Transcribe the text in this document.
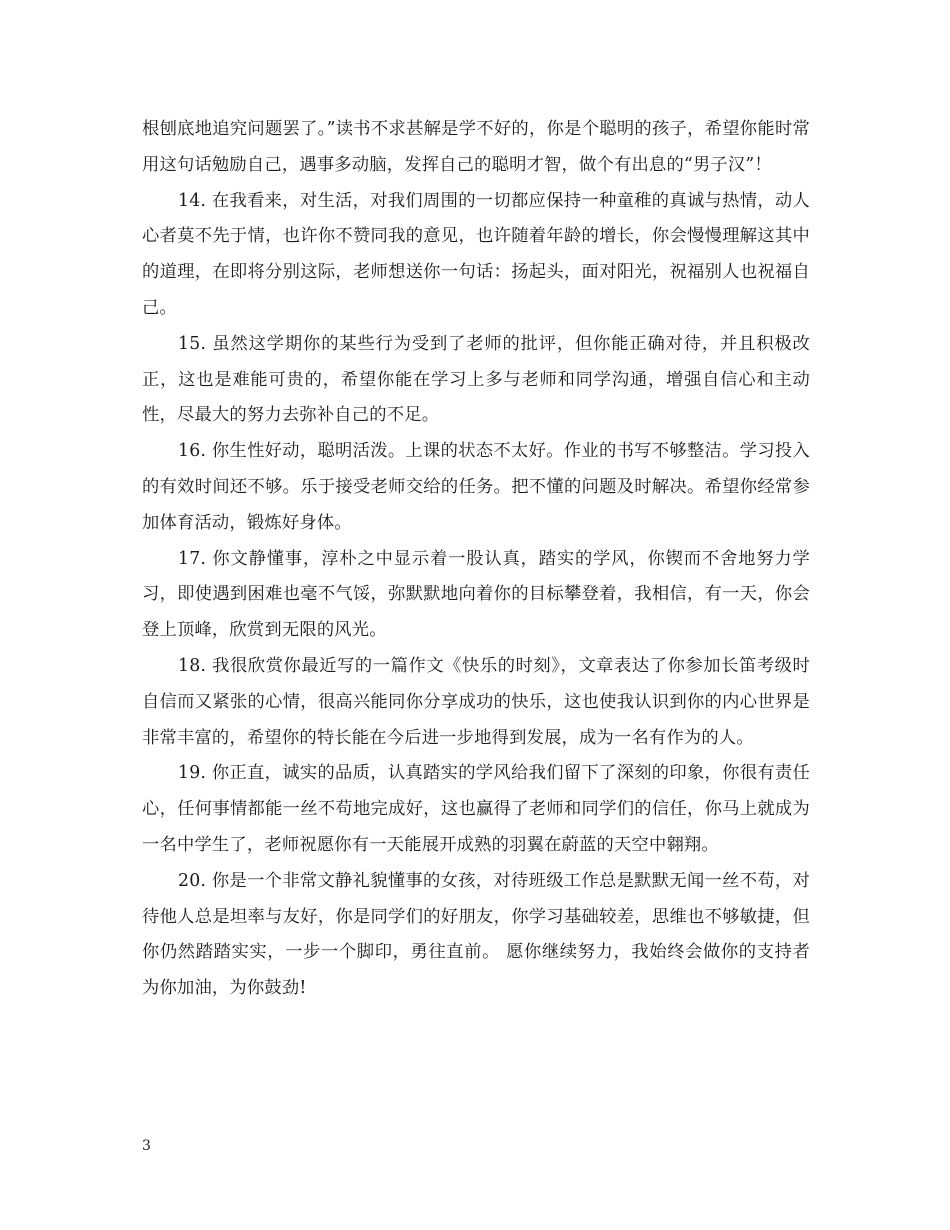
根刨底地追究问题罢了。”读书不求甚解是学不好的，你是个聪明的孩子，希望你能时常用这句话勉励自己，遇事多动脑，发挥自己的聪明才智，做个有出息的“男子汉”！

14. 在我看来，对生活，对我们周围的一切都应保持一种童稚的真诚与热情，动人心者莫不先于情，也许你不赞同我的意见，也许随着年龄的增长，你会慢慢理解这其中的道理，在即将分别这际，老师想送你一句话：扬起头，面对阳光，祝福别人也祝福自己。

15. 虽然这学期你的某些行为受到了老师的批评，但你能正确对待，并且积极改正，这也是难能可贵的，希望你能在学习上多与老师和同学沟通，增强自信心和主动性，尽最大的努力去弥补自己的不足。

16. 你生性好动，聪明活泼。上课的状态不太好。作业的书写不够整洁。学习投入的有效时间还不够。乐于接受老师交给的任务。把不懂的问题及时解决。希望你经常参加体育活动，锻炼好身体。

17. 你文静懂事，淳朴之中显示着一股认真，踏实的学风，你锲而不舍地努力学习，即使遇到困难也毫不气馁，弥默默地向着你的目标攀登着，我相信，有一天，你会登上顶峰，欣赏到无限的风光。

18. 我很欣赏你最近写的一篇作文《快乐的时刻》，文章表达了你参加长笛考级时自信而又紧张的心情，很高兴能同你分享成功的快乐，这也使我认识到你的内心世界是非常丰富的，希望你的特长能在今后进一步地得到发展，成为一名有作为的人。

19. 你正直，诚实的品质，认真踏实的学风给我们留下了深刻的印象，你很有责任心，任何事情都能一丝不苟地完成好，这也赢得了老师和同学们的信任，你马上就成为一名中学生了，老师祝愿你有一天能展开成熟的羽翼在蔚蓝的天空中翱翔。

20. 你是一个非常文静礼貌懂事的女孩，对待班级工作总是默默无闻一丝不苟，对待他人总是坦率与友好，你是同学们的好朋友，你学习基础较差，思维也不够敏捷，但你仍然踏踏实实，一步一个脚印，勇往直前。 愿你继续努力，我始终会做你的支持者为你加油，为你鼓劲!

3
